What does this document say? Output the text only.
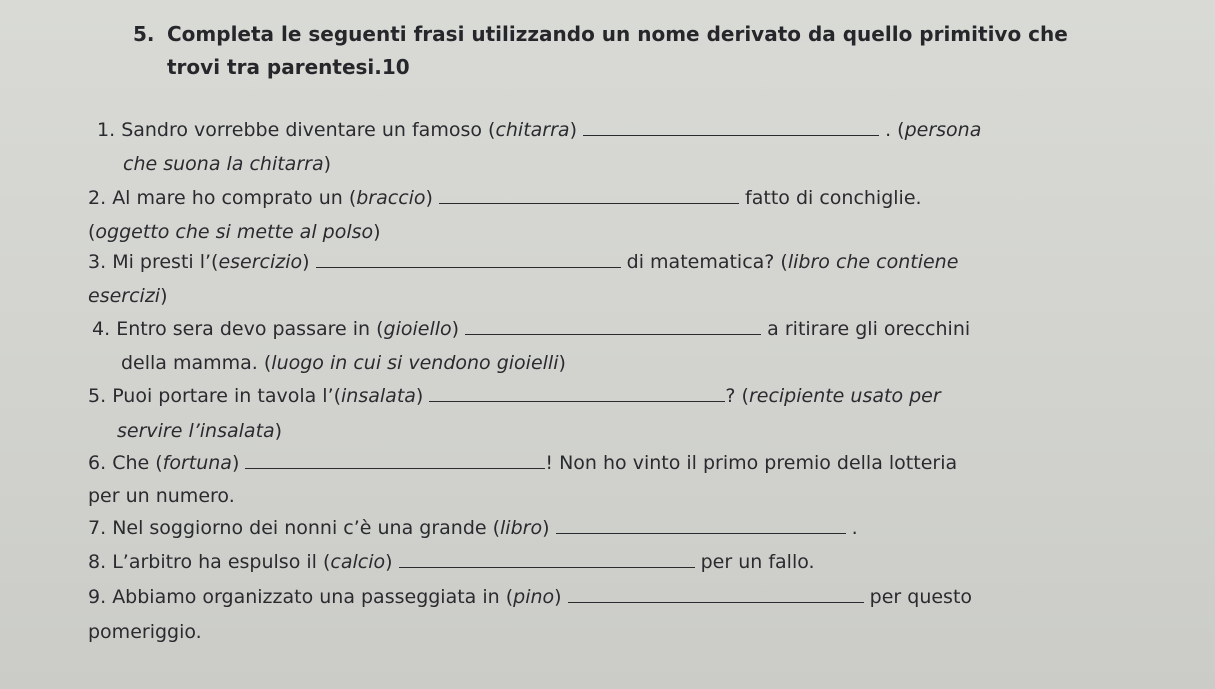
5. Completa le seguenti frasi utilizzando un nome derivato da quello primitivo che
trovi tra parentesi.10
1. Sandro vorrebbe diventare un famoso (chitarra)	. (persona
che suona la chitarra)
2. Al mare ho comprato un (braccio)	fatto di conchiglie.
(oggetto che si mette al polso)
3. Mi presti l’(esercizio)	di matematica? (libro che contiene
esercizi)
4. Entro sera devo passare in (gioiello)	a ritirare gli orecchini
della mamma. (luogo in cui si vendono gioielli)
5. Puoi portare in tavola l’(insalata)	? (recipiente usato per
servire l’insalata)
6. Che (fortuna)	! Non ho vinto il primo premio della lotteria
per un numero.
7. Nel soggiorno dei nonni c’è una grande (libro)	.
8. L’arbitro ha espulso il (calcio)	per un fallo.
9. Abbiamo organizzato una passeggiata in (pino)	per questo
pomeriggio.
